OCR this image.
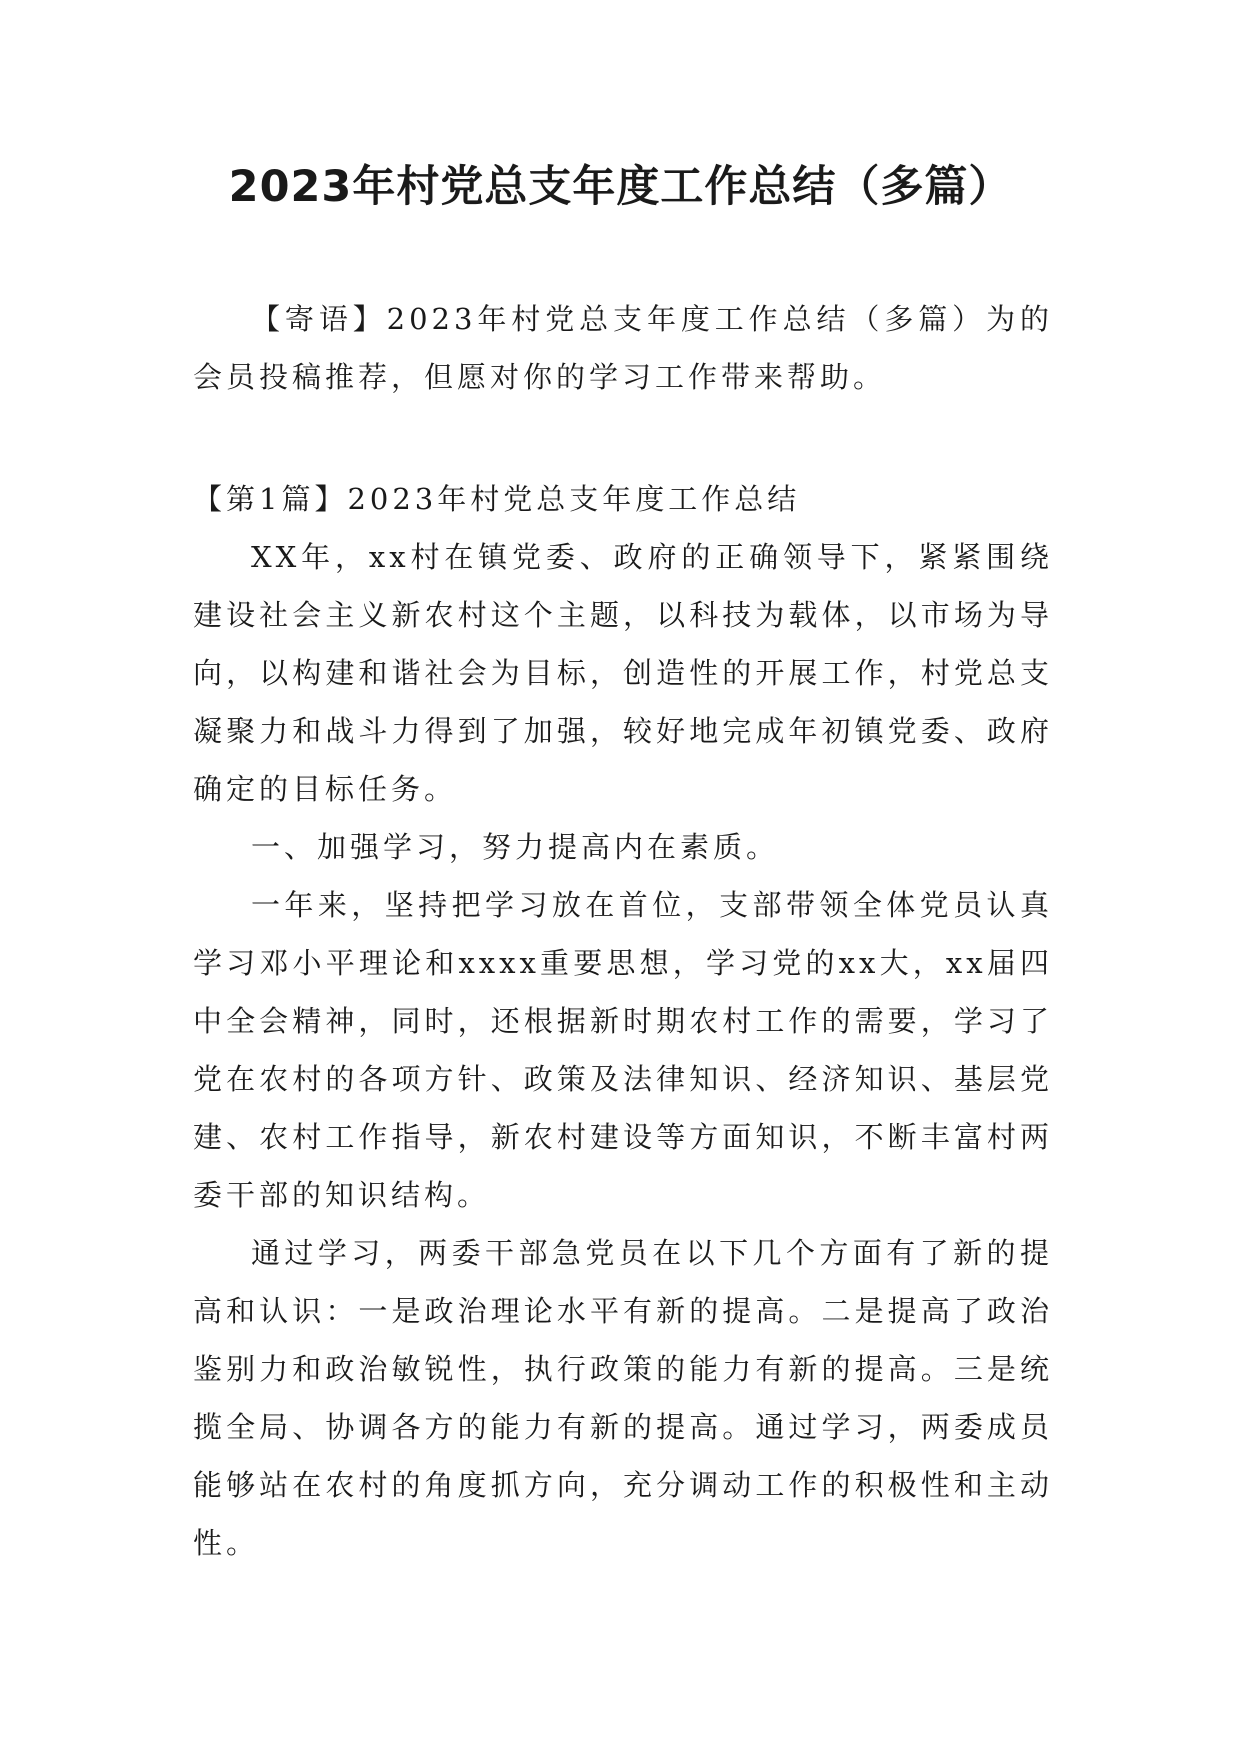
2023年村党总支年度工作总结（多篇）

【寄语】2023年村党总支年度工作总结（多篇）为的会员投稿推荐，但愿对你的学习工作带来帮助。

【第1篇】2023年村党总支年度工作总结

XX年，xx村在镇党委、政府的正确领导下，紧紧围绕建设社会主义新农村这个主题，以科技为载体，以市场为导向，以构建和谐社会为目标，创造性的开展工作，村党总支凝聚力和战斗力得到了加强，较好地完成年初镇党委、政府确定的目标任务。

一、加强学习，努力提高内在素质。

一年来，坚持把学习放在首位，支部带领全体党员认真学习邓小平理论和xxxx重要思想，学习党的xx大，xx届四中全会精神，同时，还根据新时期农村工作的需要，学习了党在农村的各项方针、政策及法律知识、经济知识、基层党建、农村工作指导，新农村建设等方面知识，不断丰富村两委干部的知识结构。

通过学习，两委干部急党员在以下几个方面有了新的提高和认识：一是政治理论水平有新的提高。二是提高了政治鉴别力和政治敏锐性，执行政策的能力有新的提高。三是统揽全局、协调各方的能力有新的提高。通过学习，两委成员能够站在农村的角度抓方向，充分调动工作的积极性和主动性。
